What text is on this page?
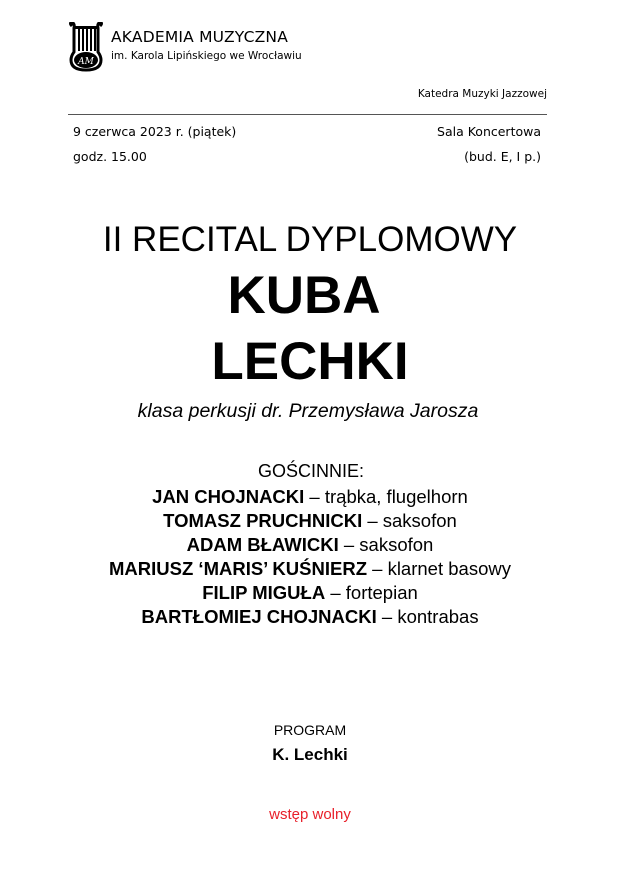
AM
AKADEMIA MUZYCZNA
im. Karola Lipińskiego we Wrocławiu
Katedra Muzyki Jazzowej
9 czerwca 2023 r. (piątek)
godz. 15.00
Sala Koncertowa
(bud. E, I p.)
II RECITAL DYPLOMOWY
KUBA
LECHKI
klasa perkusji dr. Przemysława Jarosza
GOŚCINNIE:
JAN CHOJNACKI – trąbka, flugelhorn
TOMASZ PRUCHNICKI – saksofon
ADAM BŁAWICKI – saksofon
MARIUSZ ‘MARIS’ KUŚNIERZ – klarnet basowy
FILIP MIGUŁA – fortepian
BARTŁOMIEJ CHOJNACKI – kontrabas
PROGRAM
K. Lechki
wstęp wolny
